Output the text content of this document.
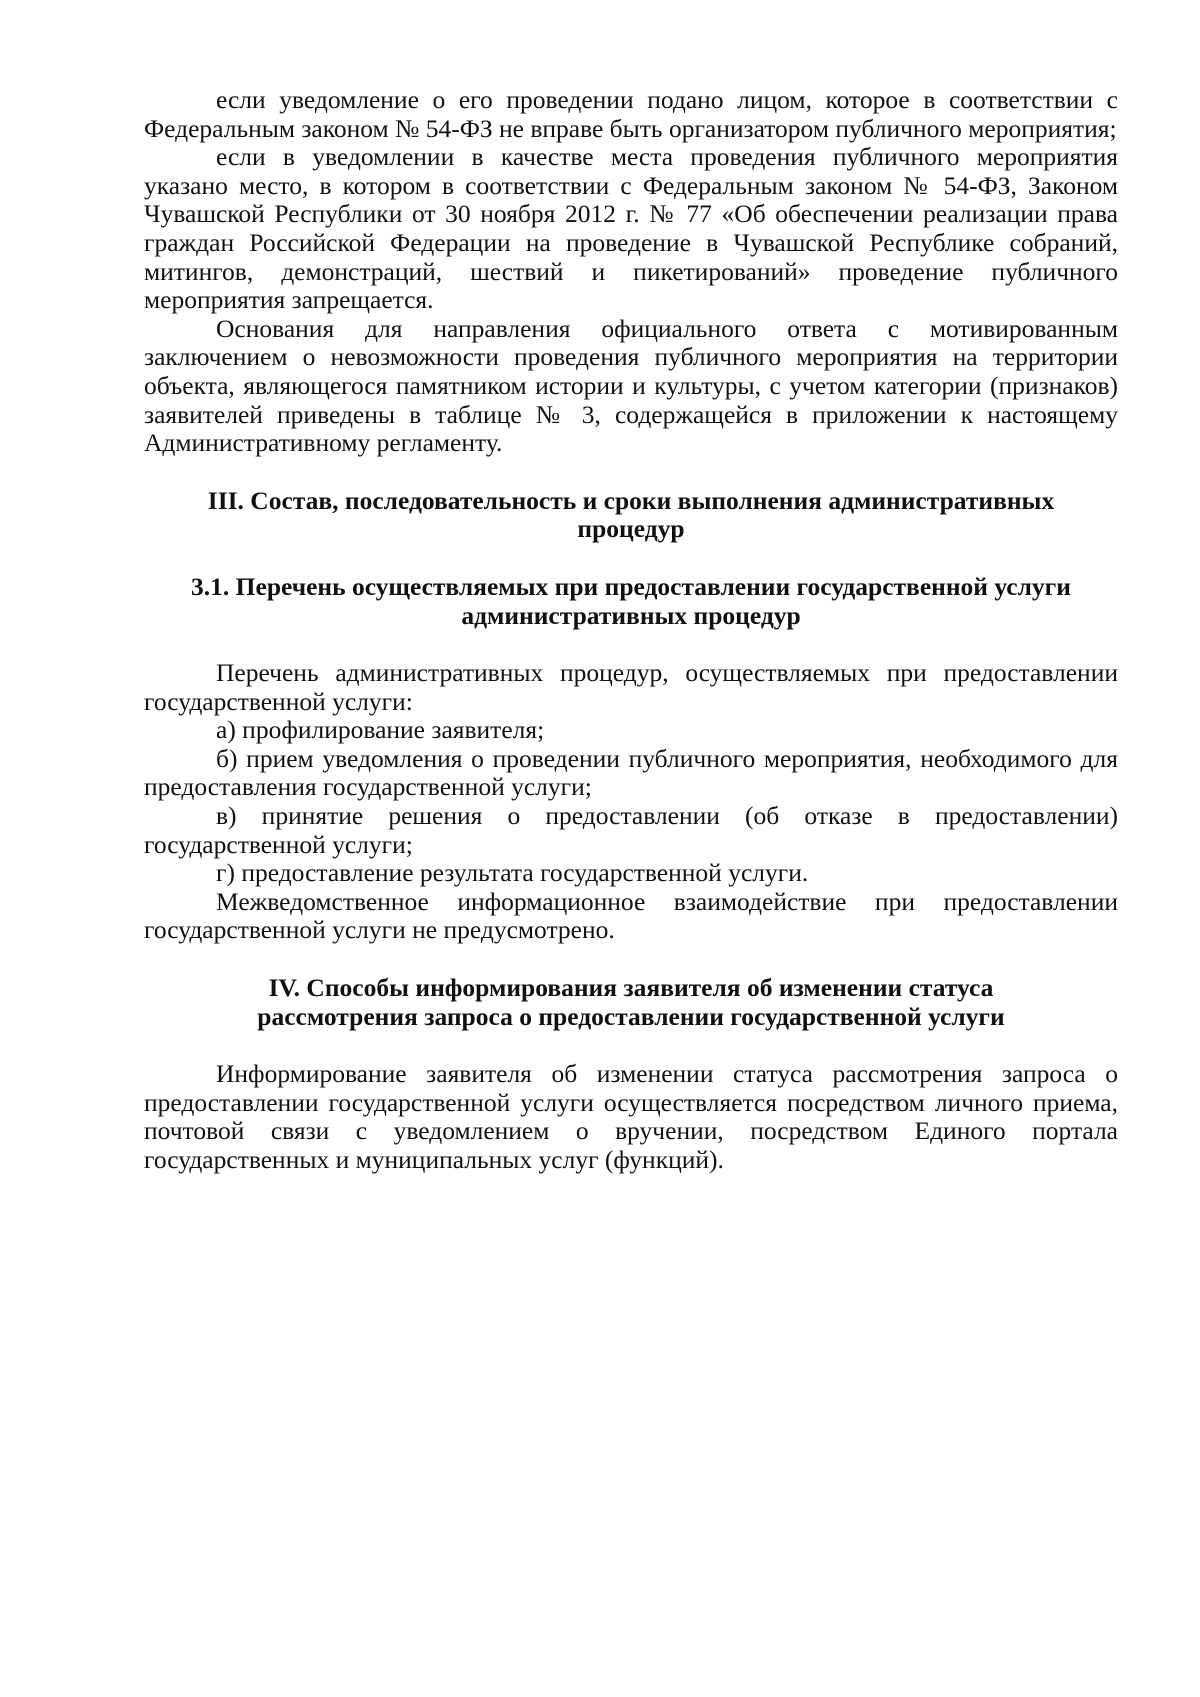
если уведомление о его проведении подано лицом, которое в соответствии с Федеральным законом № 54-ФЗ не вправе быть организатором публичного мероприятия;

если в уведомлении в качестве места проведения публичного мероприятия указано место, в котором в соответствии с Федеральным законом № 54-ФЗ, Законом Чувашской Республики от 30 ноября 2012 г. № 77 «Об обеспечении реализации права граждан Российской Федерации на проведение в Чувашской Республике собраний, митингов, демонстраций, шествий и пикетирований» проведение публичного мероприятия запрещается.

Основания для направления официального ответа с мотивированным заключением о невозможности проведения публичного мероприятия на территории объекта, являющегося памятником истории и культуры, с учетом категории (признаков) заявителей приведены в таблице № 3, содержащейся в приложении к настоящему Административному регламенту.

III. Состав, последовательность и сроки выполнения административных
процедур
3.1. Перечень осуществляемых при предоставлении государственной услуги
административных процедур

Перечень административных процедур, осуществляемых при предоставлении государственной услуги:

а) профилирование заявителя;

б) прием уведомления о проведении публичного мероприятия, необходимого для предоставления государственной услуги;

в) принятие решения о предоставлении (об отказе в предоставлении) государственной услуги;

г) предоставление результата государственной услуги.

Межведомственное информационное взаимодействие при предоставлении государственной услуги не предусмотрено.

IV. Способы информирования заявителя об изменении статуса
рассмотрения запроса о предоставлении государственной услуги

Информирование заявителя об изменении статуса рассмотрения запроса о предоставлении государственной услуги осуществляется посредством личного приема, почтовой связи с уведомлением о вручении, посредством Единого портала государственных и муниципальных услуг (функций).
